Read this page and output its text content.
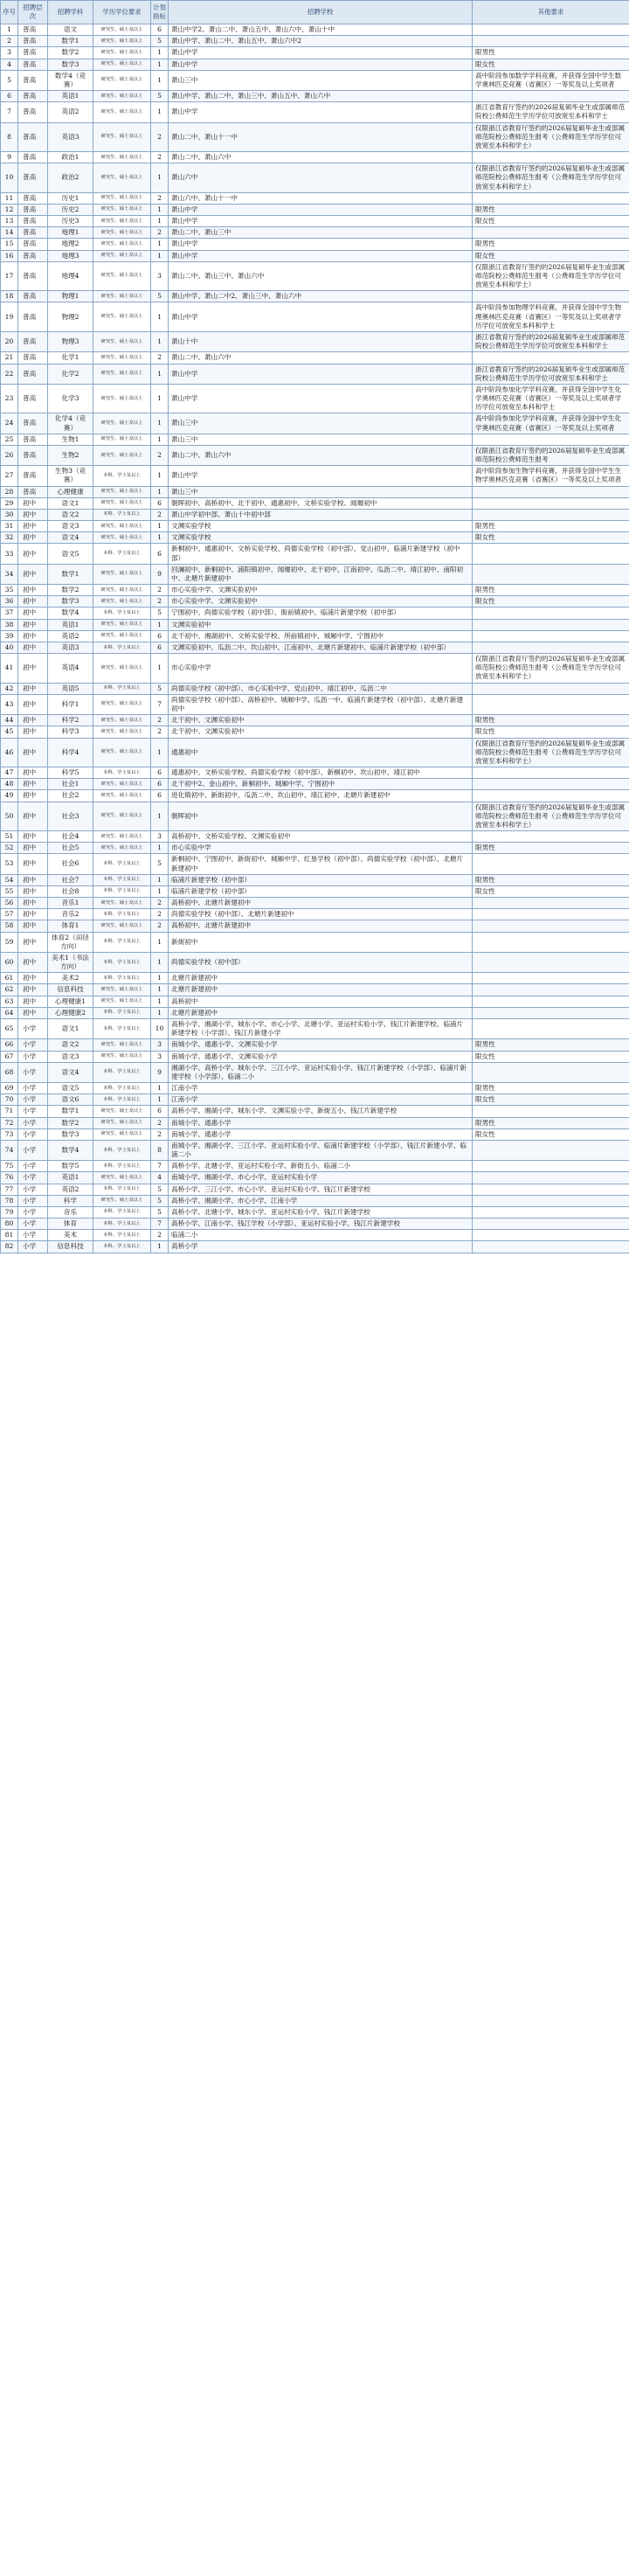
序号	招聘层次	招聘学科	学历学位要求	计划指标	招聘学校	其他要求
1	普高	语文	研究生、硕士及以上	6	萧山中学2、萧山二中、萧山五中、萧山六中、萧山十中	
2	普高	数学1	研究生、硕士及以上	5	萧山中学、萧山二中、萧山五中、萧山六中2	
3	普高	数学2	研究生、硕士及以上	1	萧山中学	限男性
4	普高	数学3	研究生、硕士及以上	1	萧山中学	限女性
5	普高	数学4（竞赛）	研究生、硕士及以上	1	萧山三中	高中阶段参加数学学科竞赛，并获得全国中学生数学奥林匹克竞赛（省赛区）一等奖及以上奖项者
6	普高	英语1	研究生、硕士及以上	5	萧山中学、萧山二中、萧山三中、萧山五中、萧山六中	
7	普高	英语2	研究生、硕士及以上	1	萧山中学	浙江省教育厅签约的2026届复硕毕业生或部属师范院校公费师范生学历学位可放宽至本科和学士
8	普高	英语3	研究生、硕士及以上	2	萧山二中、萧山十一中	仅限浙江省教育厅签约的2026届复硕毕业生或部属师范院校公费师范生报考（公费师范生学历学位可放宽至本科和学士）
9	普高	政治1	研究生、硕士及以上	2	萧山二中、萧山六中	
10	普高	政治2	研究生、硕士及以上	1	萧山六中	仅限浙江省教育厅签约的2026届复硕毕业生或部属师范院校公费师范生报考（公费师范生学历学位可放宽至本科和学士）
11	普高	历史1	研究生、硕士及以上	2	萧山六中、萧山十一中	
12	普高	历史2	研究生、硕士及以上	1	萧山中学	限男性
13	普高	历史3	研究生、硕士及以上	1	萧山中学	限女性
14	普高	地理1	研究生、硕士及以上	2	萧山二中、萧山三中	
15	普高	地理2	研究生、硕士及以上	1	萧山中学	限男性
16	普高	地理3	研究生、硕士及以上	1	萧山中学	限女性
17	普高	地理4	研究生、硕士及以上	3	萧山二中、萧山三中、萧山六中	仅限浙江省教育厅签约的2026届复硕毕业生或部属师范院校公费师范生报考（公费师范生学历学位可放宽至本科和学士）
18	普高	物理1	研究生、硕士及以上	5	萧山中学、萧山二中2、萧山三中、萧山六中	
19	普高	物理2	研究生、硕士及以上	1	萧山中学	高中阶段参加物理学科竞赛，并获得全国中学生物理奥林匹克竞赛（省赛区）一等奖及以上奖项者学历学位可放宽至本科和学士
20	普高	物理3	研究生、硕士及以上	1	萧山十中	浙江省教育厅签约的2026届复硕毕业生或部属师范院校公费师范生学历学位可放宽至本科和学士
21	普高	化学1	研究生、硕士及以上	2	萧山二中、萧山六中	
22	普高	化学2	研究生、硕士及以上	1	萧山中学	浙江省教育厅签约的2026届复硕毕业生或部属师范院校公费师范生学历学位可放宽至本科和学士
23	普高	化学3	研究生、硕士及以上	1	萧山中学	高中阶段参加化学学科竞赛，并获得全国中学生化学奥林匹克竞赛（省赛区）一等奖及以上奖项者学历学位可放宽至本科和学士
24	普高	化学4（竞赛）	研究生、硕士及以上	1	萧山三中	高中阶段参加化学学科竞赛，并获得全国中学生化学奥林匹克竞赛（省赛区）一等奖及以上奖项者
25	普高	生物1	研究生、硕士及以上	1	萧山三中	
26	普高	生物2	研究生、硕士及以上	2	萧山二中、萧山六中	仅限浙江省教育厅签约的2026届复硕毕业生或部属师范院校公费师范生报考
27	普高	生物3（竞赛）	本科、学士及以上	1	萧山中学	高中阶段参加生物学科竞赛，并获得全国中学生生物学奥林匹克竞赛（省赛区）一等奖及以上奖项者
28	普高	心理健康	研究生、硕士及以上	1	萧山三中	
29	初中	语文1	研究生、硕士及以上	6	朝晖初中、高桥初中、北干初中、通惠初中、文桥实验学校、闻堰初中	
30	初中	语文2	本科、学士及以上	2	萧山中学初中部、萧山十中初中部	
31	初中	语文3	研究生、硕士及以上	1	文渊实验学校	限男性
32	初中	语文4	研究生、硕士及以上	1	文渊实验学校	限女性
33	初中	语文5	本科、学士及以上	6	新桐初中、通惠初中、文桥实验学校、尚德实验学校（初中部）、党山初中、临浦片新建学校（初中部）	
34	初中	数学1	研究生、硕士及以上	9	回澜初中、新桐初中、浦阳镇初中、闻堰初中、北干初中、江南初中、瓜沥二中、靖江初中、南阳初中、北塘片新建初中	
35	初中	数学2	研究生、硕士及以上	2	市心实验中学、文渊实验初中	限男性
36	初中	数学3	研究生、硕士及以上	2	市心实验中学、文渊实验初中	限女性
37	初中	数学4	本科、学士及以上	5	宁围初中、尚德实验学校（初中部）、衙前镇初中、临浦片新建学校（初中部）	
38	初中	英语1	研究生、硕士及以上	1	文渊实验初中	
39	初中	英语2	研究生、硕士及以上	6	北干初中、湘湖初中、文桥实验学校、所前镇初中、城厢中学、宁围初中	
40	初中	英语3	本科、学士及以上	6	文渊实验初中、瓜沥二中、坎山初中、江南初中、北塘片新建初中、临浦片新建学校（初中部）	
41	初中	英语4	研究生、硕士及以上	1	市心实验中学	仅限浙江省教育厅签约的2026届复硕毕业生或部属师范院校公费师范生报考（公费师范生学历学位可放宽至本科和学士）
42	初中	英语5	本科、学士及以上	5	尚德实验学校（初中部）、市心实验中学、党山初中、靖江初中、瓜沥二中	
43	初中	科学1	研究生、硕士及以上	7	尚德实验学校（初中部）、高桥初中、城厢中学、瓜沥一中、临浦片新建学校（初中部）、北塘片新建初中	
44	初中	科学2	研究生、硕士及以上	2	北干初中、文渊实验初中	限男性
45	初中	科学3	研究生、硕士及以上	2	北干初中、文渊实验初中	限女性
46	初中	科学4	研究生、硕士及以上	1	通惠初中	仅限浙江省教育厅签约的2026届复硕毕业生或部属师范院校公费师范生报考（公费师范生学历学位可放宽至本科和学士）
47	初中	科学5	本科、学士及以上	6	通惠初中、文桥实验学校、尚德实验学校（初中部）、新桐初中、坎山初中、靖江初中	
48	初中	社会1	研究生、硕士及以上	6	北干初中2、金山初中、新桐初中、城厢中学、宁围初中	
49	初中	社会2	研究生、硕士及以上	6	进化镇初中、新街初中、瓜沥二中、坎山初中、靖江初中、北塘片新建初中	
50	初中	社会3	研究生、硕士及以上	1	朝晖初中	仅限浙江省教育厅签约的2026届复硕毕业生或部属师范院校公费师范生报考（公费师范生学历学位可放宽至本科和学士）
51	初中	社会4	研究生、硕士及以上	3	高桥初中、文桥实验学校、文渊实验初中	
52	初中	社会5	研究生、硕士及以上	1	市心实验中学	限男性
53	初中	社会6	本科、学士及以上	5	新桐初中、宁围初中、新街初中、城厢中学、红垦学校（初中部）、尚德实验学校（初中部）、北塘片新建初中	
54	初中	社会7	本科、学士及以上	1	临浦片新建学校（初中部）	限男性
55	初中	社会8	本科、学士及以上	1	临浦片新建学校（初中部）	限女性
56	初中	音乐1	研究生、硕士及以上	2	高桥初中、北塘片新建初中	
57	初中	音乐2	本科、学士及以上	2	尚德实验学校（初中部）、北塘片新建初中	
58	初中	体育1	研究生、硕士及以上	2	高桥初中、北塘片新建初中	
59	初中	体育2（田径方向）	本科、学士及以上	1	新街初中	
60	初中	美术1（书法方向）	本科、学士及以上	1	尚德实验学校（初中部）	
61	初中	美术2	本科、学士及以上	1	北塘片新建初中	
62	初中	信息科技	研究生、硕士及以上	1	北塘片新建初中	
63	初中	心理健康1	研究生、硕士及以上	1	高桥初中	
64	初中	心理健康2	本科、学士及以上	1	北塘片新建初中	
65	小学	语文1	本科、学士及以上	10	高桥小学、湘湖小学、城东小学、市心小学、北塘小学、亚运村实验小学、钱江片新建学校、临浦片新建学校（小学部）、钱江片新建小学	
66	小学	语文2	研究生、硕士及以上	3	南城小学、通惠小学、文渊实验小学	限男性
67	小学	语文3	研究生、硕士及以上	3	南城小学、通惠小学、文渊实验小学	限女性
68	小学	语文4	本科、学士及以上	9	湘湖小学、高桥小学、城东小学、三江小学、亚运村实验小学、钱江片新建学校（小学部）、临浦片新建学校（小学部）、临浦二小	
69	小学	语文5	本科、学士及以上	1	江南小学	限男性
70	小学	语文6	本科、学士及以上	1	江南小学	限女性
71	小学	数学1	研究生、硕士及以上	6	高桥小学、湘湖小学、城东小学、文渊实验小学、新街五小、钱江片新建学校	
72	小学	数学2	研究生、硕士及以上	2	南城小学、通惠小学	限男性
73	小学	数学3	研究生、硕士及以上	2	南城小学、通惠小学	限女性
74	小学	数学4	本科、学士及以上	8	南城小学、湘湖小学、三江小学、亚运村实验小学、临浦片新建学校（小学部）、钱江片新建小学、临浦二小	
75	小学	数学5	本科、学士及以上	7	高桥小学、北塘小学、亚运村实验小学、新街五小、临浦二小	
76	小学	英语1	研究生、硕士及以上	4	南城小学、湘湖小学、市心小学、亚运村实验小学	
77	小学	英语2	本科、学士及以上	5	高桥小学、三江小学、市心小学、亚运村实验小学、钱江片新建学校	
78	小学	科学	研究生、硕士及以上	5	高桥小学、湘湖小学、市心小学、江南小学	
79	小学	音乐	本科、学士及以上	5	高桥小学、北塘小学、城东小学、亚运村实验小学、钱江片新建学校	
80	小学	体育	本科、学士及以上	7	高桥小学、江南小学、钱江学校（小学部）、亚运村实验小学、钱江片新建学校	
81	小学	美术	本科、学士及以上	2	临浦二小	
82	小学	信息科技	本科、学士及以上	1	高桥小学	
